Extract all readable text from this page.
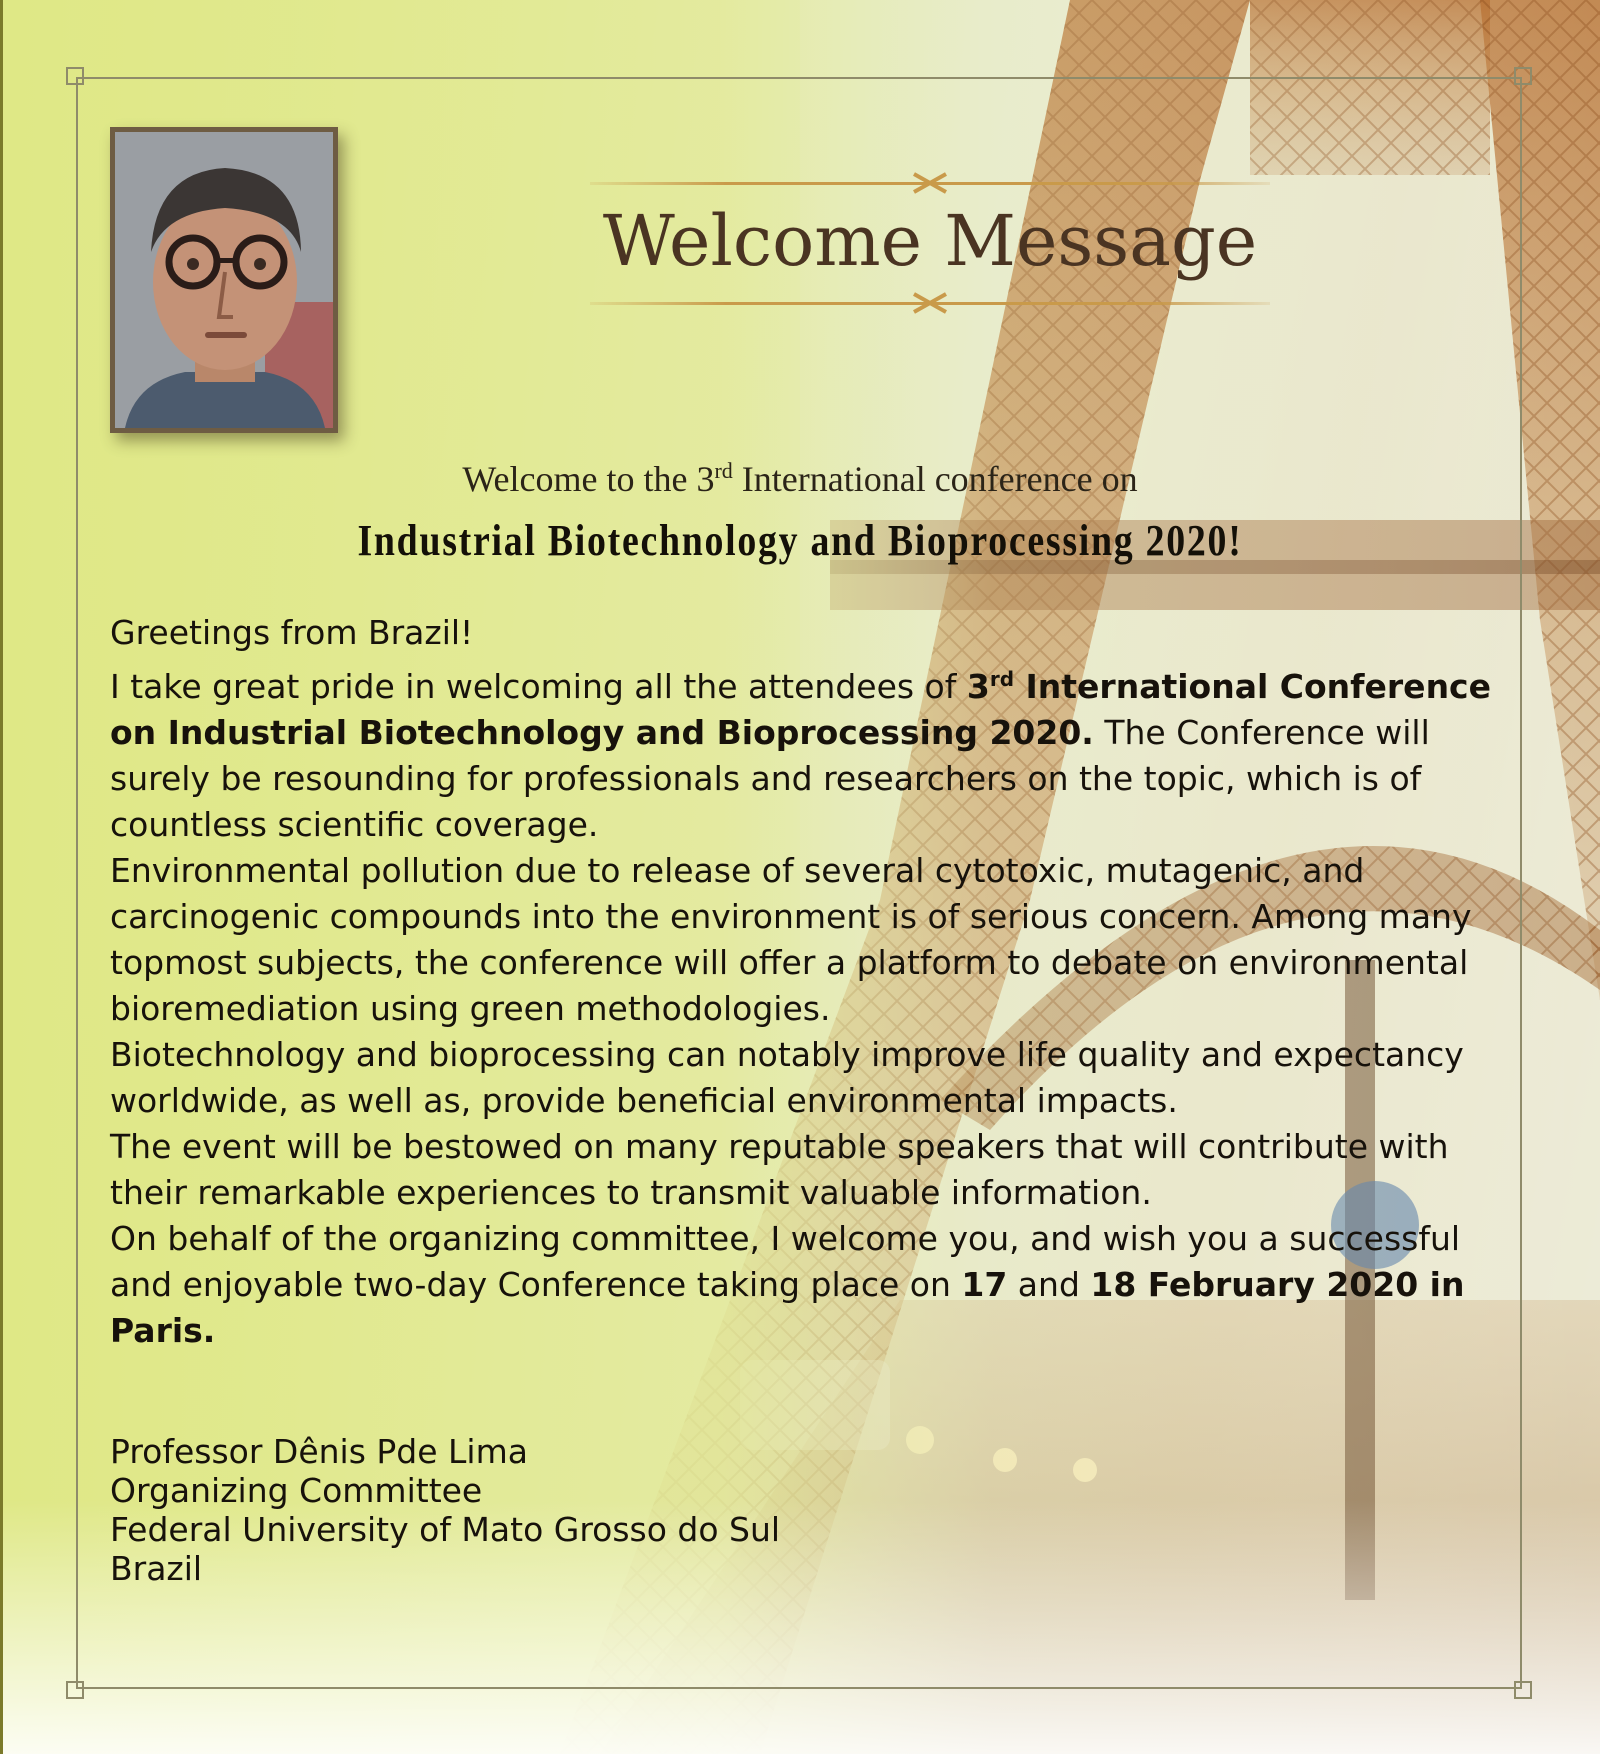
Welcome Message
Welcome to the 3rd International conference on
Industrial Biotechnology and Bioprocessing 2020!

Greetings from Brazil!

I take great pride in welcoming all the attendees of 3rd International Conference on Industrial Biotechnology and Bioprocessing 2020. The Conference will surely be resounding for professionals and researchers on the topic, which is of countless scientific coverage.

Environmental pollution due to release of several cytotoxic, mutagenic, and carcinogenic compounds into the environment is of serious concern. Among many topmost subjects, the conference will offer a platform to debate on environmental bioremediation using green methodologies.

Biotechnology and bioprocessing can notably improve life quality and expectancy worldwide, as well as, provide beneficial environmental impacts.

The event will be bestowed on many reputable speakers that will contribute with their remarkable experiences to transmit valuable information.

On behalf of the organizing committee, I welcome you, and wish you a successful and enjoyable two-day Conference taking place on 17 and 18 February 2020 in Paris.

Professor Dênis Pde Lima
Organizing Committee
Federal University of Mato Grosso do Sul
Brazil
